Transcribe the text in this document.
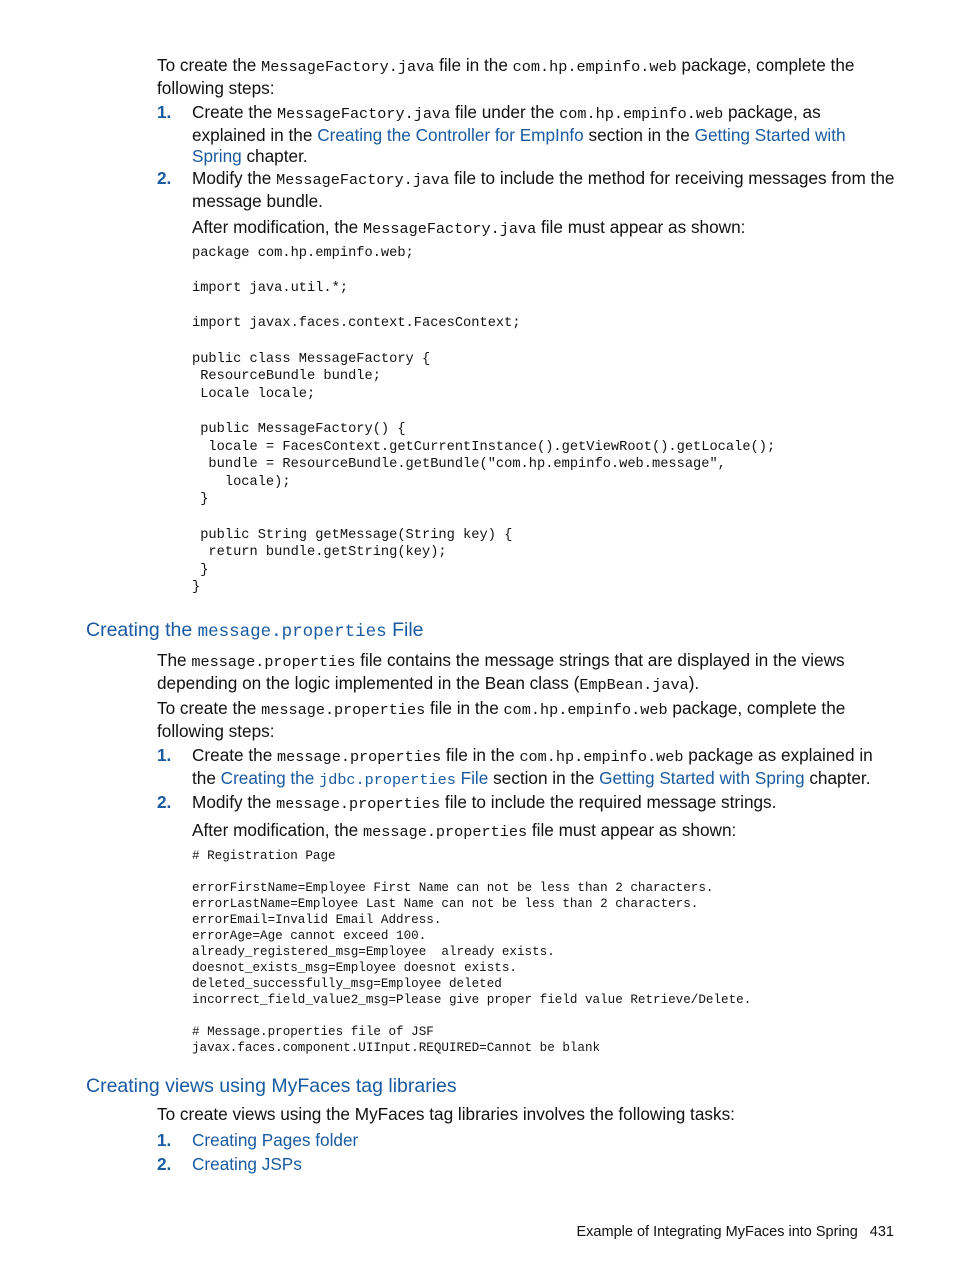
To create the MessageFactory.java file in the com.hp.empinfo.web package, complete the following steps:

1.	Create the MessageFactory.java file under the com.hp.empinfo.web package, as explained in the Creating the Controller for EmpInfo section in the Getting Started with Spring chapter.
2.	Modify the MessageFactory.java file to include the method for receiving messages from the message bundle.

After modification, the MessageFactory.java file must appear as shown:

package com.hp.empinfo.web;

import java.util.*;

import javax.faces.context.FacesContext;

public class MessageFactory {
ResourceBundle bundle;
Locale locale;

public MessageFactory() {
locale = FacesContext.getCurrentInstance().getViewRoot().getLocale();
bundle = ResourceBundle.getBundle("com.hp.empinfo.web.message",
locale);
}

public String getMessage(String key) {
return bundle.getString(key);
}
}
Creating the message.properties File

The message.properties file contains the message strings that are displayed in the views depending on the logic implemented in the Bean class (EmpBean.java).

To create the message.properties file in the com.hp.empinfo.web package, complete the following steps:

1.	Create the message.properties file in the com.hp.empinfo.web package as explained in the Creating the jdbc.properties File section in the Getting Started with Spring chapter.
2.	Modify the message.properties file to include the required message strings.

After modification, the message.properties file must appear as shown:

# Registration Page

errorFirstName=Employee First Name can not be less than 2 characters.
errorLastName=Employee Last Name can not be less than 2 characters.
errorEmail=Invalid Email Address.
errorAge=Age cannot exceed 100.
already_registered_msg=Employee  already exists.
doesnot_exists_msg=Employee doesnot exists.
deleted_successfully_msg=Employee deleted
incorrect_field_value2_msg=Please give proper field value Retrieve/Delete.

# Message.properties file of JSF
javax.faces.component.UIInput.REQUIRED=Cannot be blank
Creating views using MyFaces tag libraries

To create views using the MyFaces tag libraries involves the following tasks:

1.	Creating Pages folder
2.	Creating JSPs
Example of Integrating MyFaces into Spring 431
